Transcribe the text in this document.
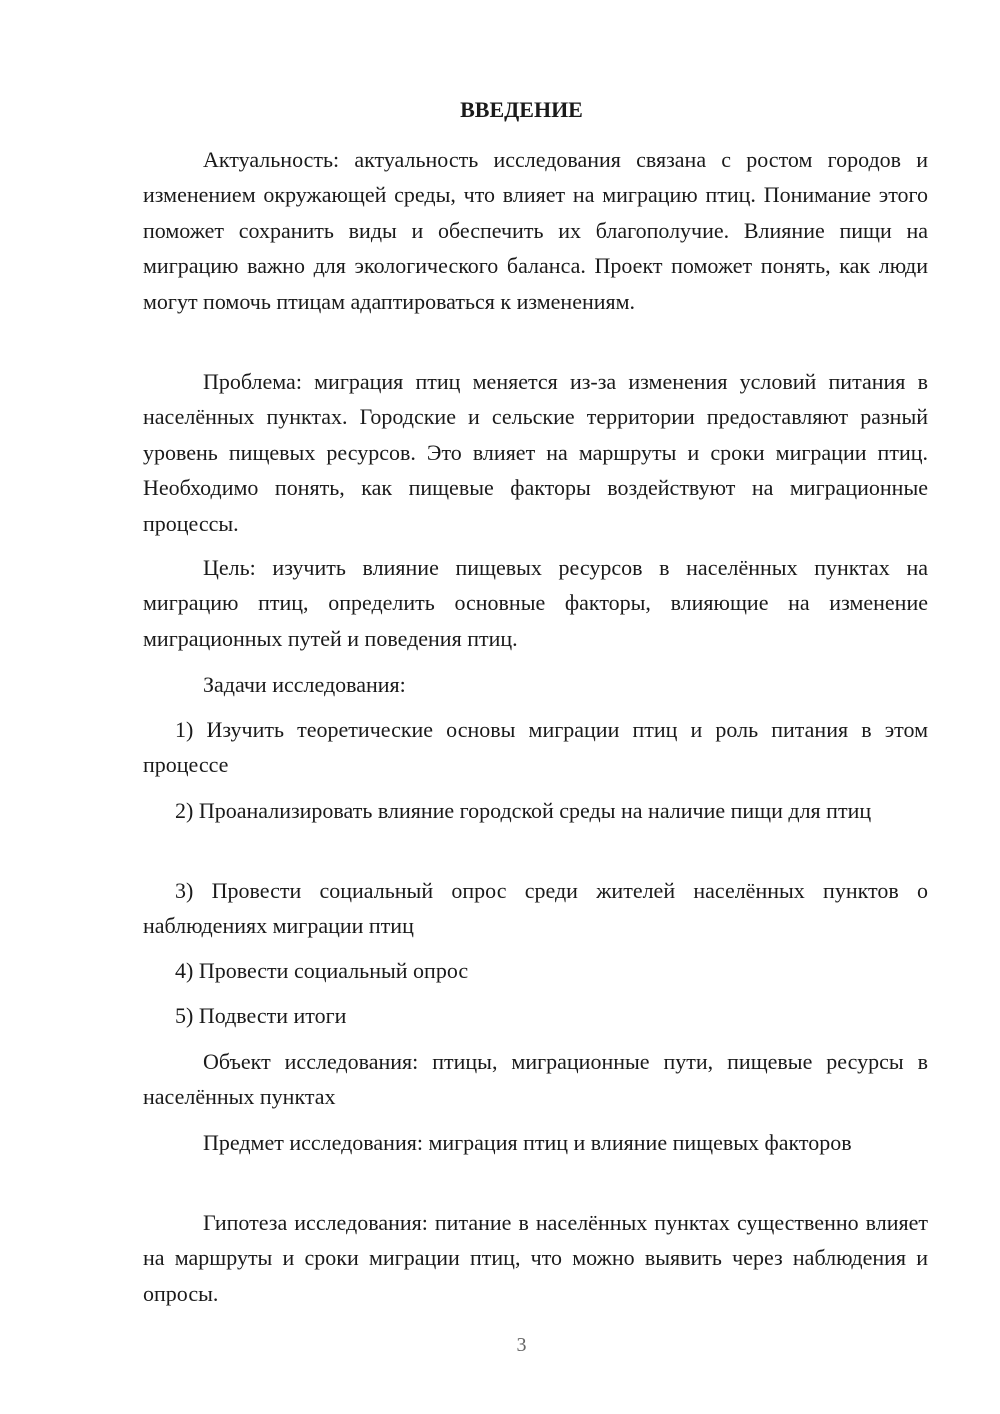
ВВЕДЕНИЕ

Актуальность: актуальность исследования связана с ростом городов и изменением окружающей среды, что влияет на миграцию птиц. Понимание этого поможет сохранить виды и обеспечить их благополучие. Влияние пищи на миграцию важно для экологического баланса. Проект поможет понять, как люди могут помочь птицам адаптироваться к изменениям.

Проблема: миграция птиц меняется из-за изменения условий питания в населённых пунктах. Городские и сельские территории предоставляют разный уровень пищевых ресурсов. Это влияет на маршруты и сроки миграции птиц. Необходимо понять, как пищевые факторы воздействуют на миграционные процессы.

Цель: изучить влияние пищевых ресурсов в населённых пунктах на миграцию птиц, определить основные факторы, влияющие на изменение миграционных путей и поведения птиц.

Задачи исследования:

1) Изучить теоретические основы миграции птиц и роль питания в этом процессе

2) Проанализировать влияние городской среды на наличие пищи для птиц

3) Провести социальный опрос среди жителей населённых пунктов о наблюдениях миграции птиц

4) Провести социальный опрос

5) Подвести итоги

Объект исследования: птицы, миграционные пути, пищевые ресурсы в населённых пунктах

Предмет исследования: миграция птиц и влияние пищевых факторов

Гипотеза исследования: питание в населённых пунктах существенно влияет на маршруты и сроки миграции птиц, что можно выявить через наблюдения и опросы.

3
